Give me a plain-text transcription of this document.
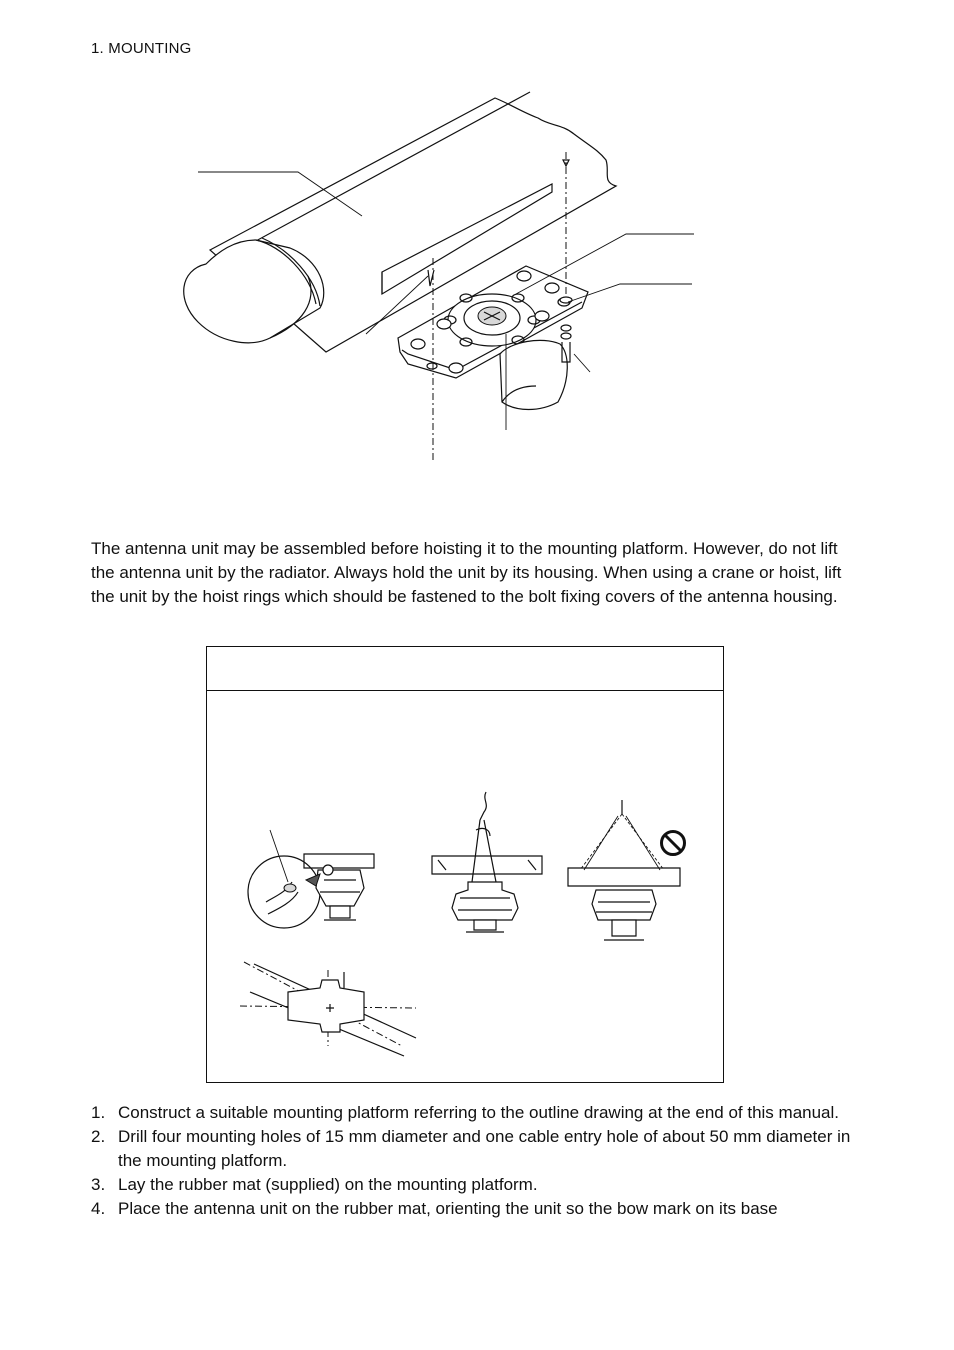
1. MOUNTING

The antenna unit may be assembled before hoisting it to the mounting platform. However, do not lift the antenna unit by the radiator. Always hold the unit by its housing. When using a crane or hoist, lift the unit by the hoist rings which should be fastened to the bolt fixing covers of the antenna housing.

1. Construct a suitable mounting platform referring to the outline drawing at the end of this manual.
2. Drill four mounting holes of 15 mm diameter and one cable entry hole of about 50 mm diameter in the mounting platform.
3. Lay the rubber mat (supplied) on the mounting platform.
4. Place the antenna unit on the rubber mat, orienting the unit so the bow mark on its base
